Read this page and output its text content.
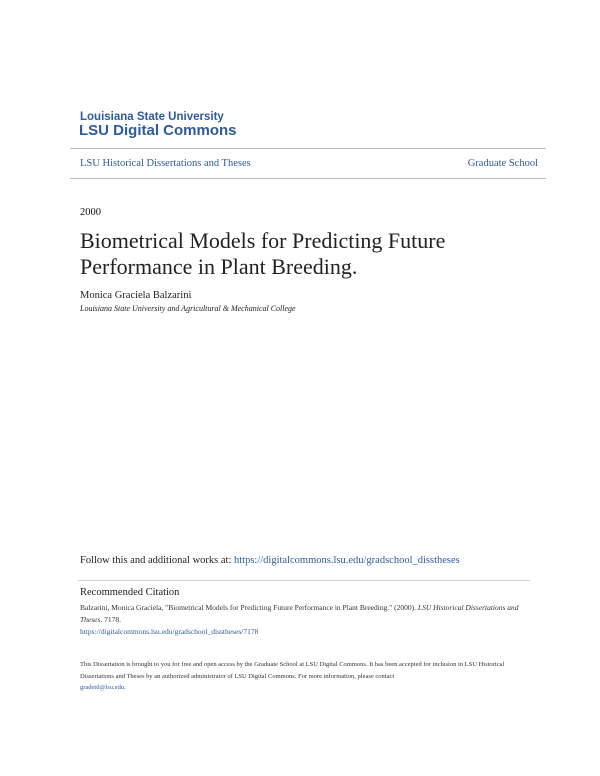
Louisiana State University
LSU Digital Commons
LSU Historical Dissertations and Theses	Graduate School
2000
Biometrical Models for Predicting Future
Performance in Plant Breeding.
Monica Graciela Balzarini
Louisiana State University and Agricultural & Mechanical College
Follow this and additional works at: https://digitalcommons.lsu.edu/gradschool_disstheses
Recommended Citation
Balzarini, Monica Graciela, "Biometrical Models for Predicting Future Performance in Plant Breeding." (2000). LSU Historical Dissertations and Theses. 7178.
https://digitalcommons.lsu.edu/gradschool_disstheses/7178
This Dissertation is brought to you for free and open access by the Graduate School at LSU Digital Commons. It has been accepted for inclusion in LSU Historical Dissertations and Theses by an authorized administrator of LSU Digital Commons. For more information, please contact
gradetd@lsu.edu.
